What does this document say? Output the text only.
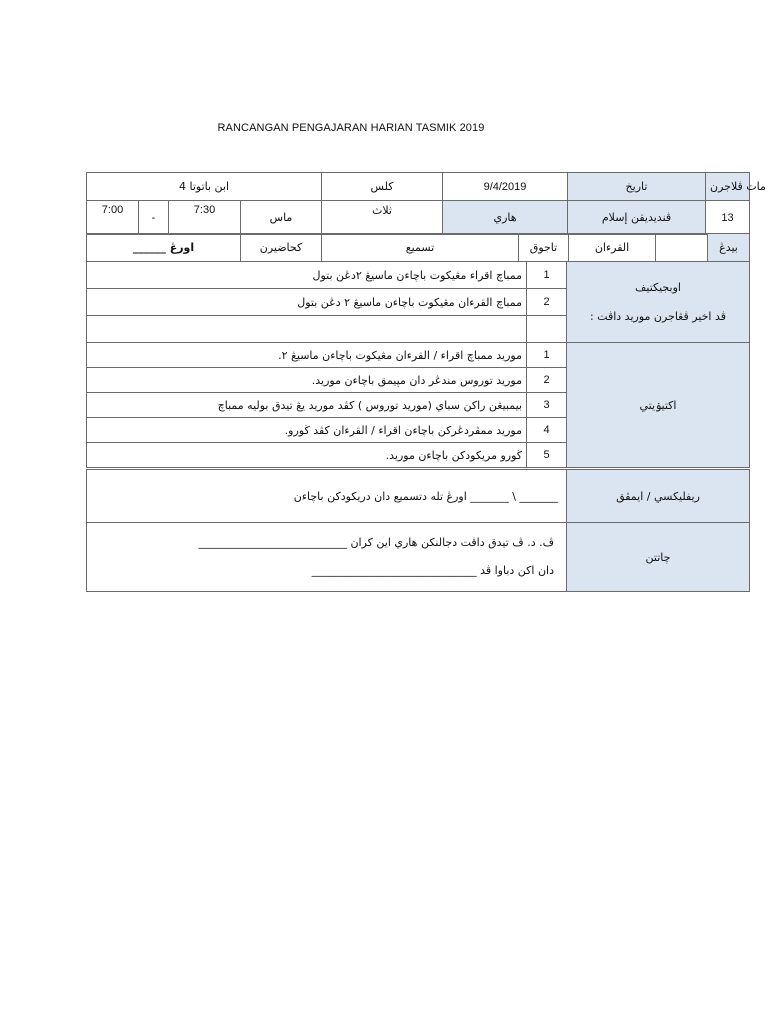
RANCANGAN PENGAJARAN HARIAN TASMIK 2019
4 ابن باتوتا	كلس	9/4/2019	تاريخ	مات ڤلاجرن	
7:00	-	7:30	ماس	ثلاث	هاري	ڤنديديقن إسلام	13
______ اورڠ	كحاضيرن	تسميع	تاجوق	القرءان		بيدڠ
ممباچ اقراء مڠيكوت باچاءن ماسيڠ ٢دڠن بتول	1	اوبجيكتيف
ڤد اخير ڤڠاجرن موريد داڤت :

ممباچ القرءان مڠيكوت باچاءن ماسيڠ ٢ دڠن بتول	2	

موريد ممباچ اقراء / القرءان مڠيكوت باچاءن ماسيڠ ٢.	1	اكتيۏيتي
موريد توروس مندڠر دان مپيمق باچاءن موريد.	2	
بيمبيڠن راكن سباي (موريد توروس ) كڤد موريد يڠ تيدق بوليه ممباچ	3	
موريد ممڤردڠركن باچاءن اقراء / القرءان كڤد ڬورو.	4	
ڬورو مريكودكن باچاءن موريد.	5	
_______ \ _______ اورڠ تله دتسميع دان دريكودكن باچاءن	ريفليكسي / ايمڤق

ڤ. د. ڤ تيدق داڤت دجالنكن هاري اين كران ___________________________
دان اكن دباوا ڤد ______________________________	چاتتن
